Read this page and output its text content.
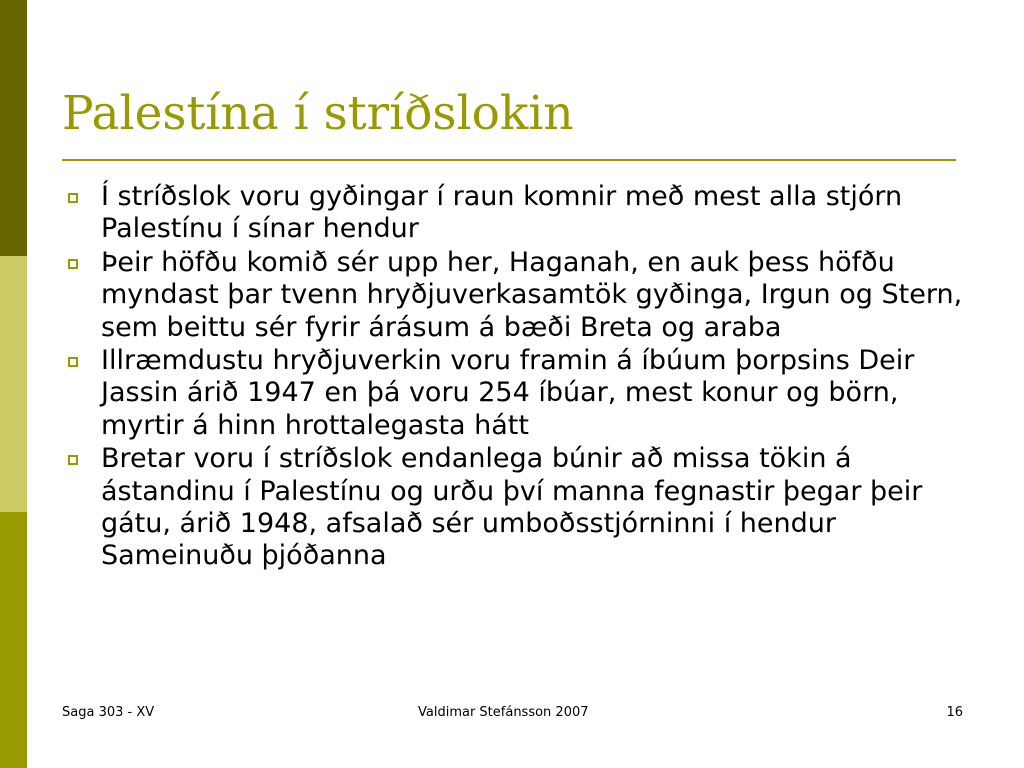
Palestína í stríðslokin
Í stríðslok voru gyðingar í raun komnir með mest alla stjórn Palestínu í sínar hendur
Þeir höfðu komið sér upp her, Haganah, en auk þess höfðu myndast þar tvenn hryðjuverkasamtök gyðinga, Irgun og Stern, sem beittu sér fyrir árásum á bæði Breta og araba
Illræmdustu hryðjuverkin voru framin á íbúum þorpsins Deir Jassin árið 1947 en þá voru 254 íbúar, mest konur og börn, myrtir á hinn hrottalegasta hátt
Bretar voru í stríðslok endanlega búnir að missa tökin á ástandinu í Palestínu og urðu því manna fegnastir þegar þeir gátu, árið 1948, afsalað sér umboðsstjórninni í hendur Sameinuðu þjóðanna
Saga 303 - XV	Valdimar Stefánsson 2007	16
